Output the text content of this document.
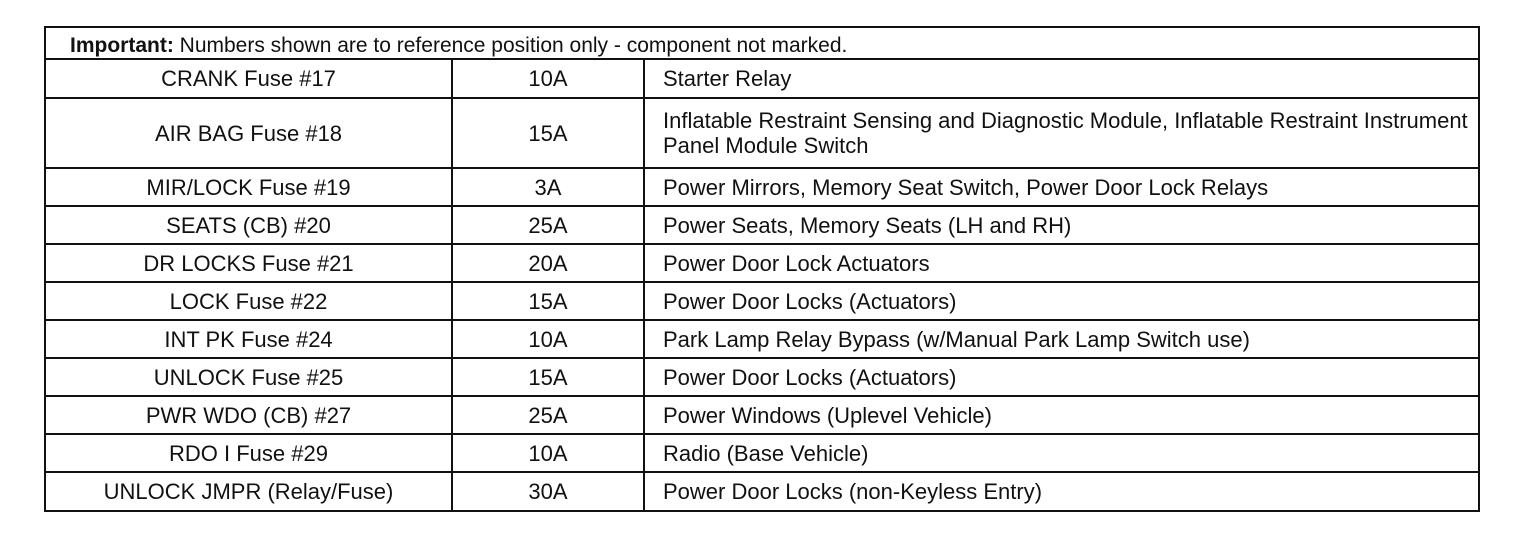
Important: Numbers shown are to reference position only - component not marked.
CRANK Fuse #17	10A	Starter Relay
AIR BAG Fuse #18	15A	Inflatable Restraint Sensing and Diagnostic Module, Inflatable Restraint Instrument Panel Module Switch
MIR/LOCK Fuse #19	3A	Power Mirrors, Memory Seat Switch, Power Door Lock Relays
SEATS (CB) #20	25A	Power Seats, Memory Seats (LH and RH)
DR LOCKS Fuse #21	20A	Power Door Lock Actuators
LOCK Fuse #22	15A	Power Door Locks (Actuators)
INT PK Fuse #24	10A	Park Lamp Relay Bypass (w/Manual Park Lamp Switch use)
UNLOCK Fuse #25	15A	Power Door Locks (Actuators)
PWR WDO (CB) #27	25A	Power Windows (Uplevel Vehicle)
RDO I Fuse #29	10A	Radio (Base Vehicle)
UNLOCK JMPR (Relay/Fuse)	30A	Power Door Locks (non-Keyless Entry)
